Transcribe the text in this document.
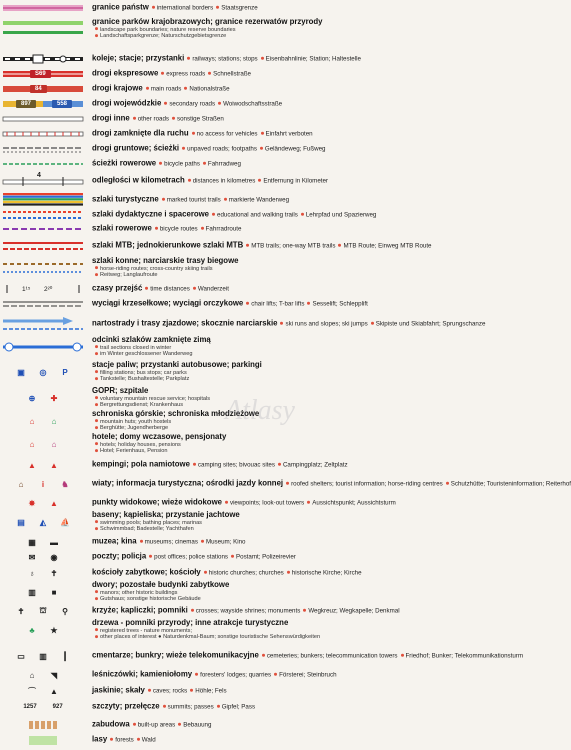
granice państw international borders Staatsgrenze
granice parków krajobrazowych; granice rezerwatów przyrody
landscape park boundaries; nature reserve boundaries
Landschaftsparkgrenze; Naturschutzgebietsgrenze
koleje; stacje; przystanki railways; stations; stops Eisenbahnlinie; Station; Haltestelle
S69	drogi ekspresowe express roads Schnellstraße
84	drogi krajowe main roads Nationalstraße
897	558	drogi wojewódzkie secondary roads Woiwodschaftsstraße
drogi inne other roads sonstige Straßen
drogi zamknięte dla ruchu no access for vehicles Einfahrt verboten
drogi gruntowe; ścieżki unpaved roads; footpaths Geländeweg; Fußweg
ścieżki rowerowe bicycle paths Fahrradweg
4
odległości w kilometrach distances in kilometres Entfernung in Kilometer
szlaki turystyczne marked tourist trails markierte Wanderweg
szlaki dydaktyczne i spacerowe educational and walking trails Lehrpfad und Spazierweg
szlaki rowerowe bicycle routes Fahrradroute
szlaki MTB; jednokierunkowe szlaki MTB MTB trails; one-way MTB trails MTB Route; Einweg MTB Route
szlaki konne; narciarskie trasy biegowe
horse-riding routes; cross-country skiing trails
Reitweg; Langlaufroute
1¹⁵ 2²⁰	czasy przejść time distances Wanderzeit
wyciągi krzesełkowe; wyciągi orczykowe chair lifts; T-bar lifts Sesselift; Schlepplift
nartostrady i trasy zjazdowe; skocznie narciarskie ski runs and slopes; ski jumps Skipiste und Skiabfahrt; Sprungschanze
odcinki szlaków zamknięte zimą
trail sections closed in winter
im Winter geschlossener Wanderweg
▣ ◎ P
stacje paliw; przystanki autobusowe; parkingi
filling stations; bus stops; car parks
Tankstelle; Bushaltestelle; Parkplatz
⊕ ✚
GOPR; szpitale
voluntary mountain rescue service; hospitals
Bergrettungsdienst; Krankenhaus
⌂	⌂
schroniska górskie; schroniska młodzieżowe
mountain huts; youth hostels
Berghütte; Jugendherberge
⌂	⌂
hotele; domy wczasowe, pensjonaty
hotels; holiday houses, pensions
Hotel; Ferienhaus, Pension
▲ ▲	kempingi; pola namiotowe camping sites; bivouac sites Campingplatz; Zeltplatz
⌂	i	♞	wiaty; informacja turystyczna; ośrodki jazdy konnej roofed shelters; tourist information; horse-riding centres Schutzhütte; Touristeninformation; Reiterhof
✸ ▲	punkty widokowe; wieże widokowe viewpoints; look-out towers Aussichtspunkt; Aussichtsturm
▤ ◭ ⛵
baseny; kąpieliska; przystanie jachtowe
swimming pools; bathing places; marinas
Schwimmbad; Badestelle; Yachthafen
▦ ▬	muzea; kina museums; cinemas Museum; Kino
✉ ◉	poczty; policja post offices; police stations Postamt; Polizeirevier
♁ ✝	kościoły zabytkowe; kościoły historic churches; churches historische Kirche; Kirche
▥	■
dwory; pozostałe budynki zabytkowe
manors; other historic buildings
Gutshaus; sonstige historische Gebäude
✝ ⛫ ⚲	krzyże; kapliczki; pomniki crosses; wayside shrines; monuments Wegkreuz; Wegkapelle; Denkmal
♣ ★
drzewa - pomniki przyrody; inne atrakcje turystyczne
registered trees - nature monuments;
other places of interest ● Naturdenkmal-Baum; sonstige touristische Sehenswürdigkeiten
▭ ▥	┃	cmentarze; bunkry; wieże telekomunikacyjne cemeteries; bunkers; telecommunication towers Friedhof; Bunker; Telekommunikationsturm
⌂	◥	leśniczówki; kamieniołomy foresters' lodges; quarries Försterei; Steinbruch
⌒ ▲	jaskinie; skały caves; rocks Höhle; Fels
1257	927	szczyty; przełęcze summits; passes Gipfel; Pass
zabudowa built-up areas Bebauung
lasy forests Wald
Atlasy
